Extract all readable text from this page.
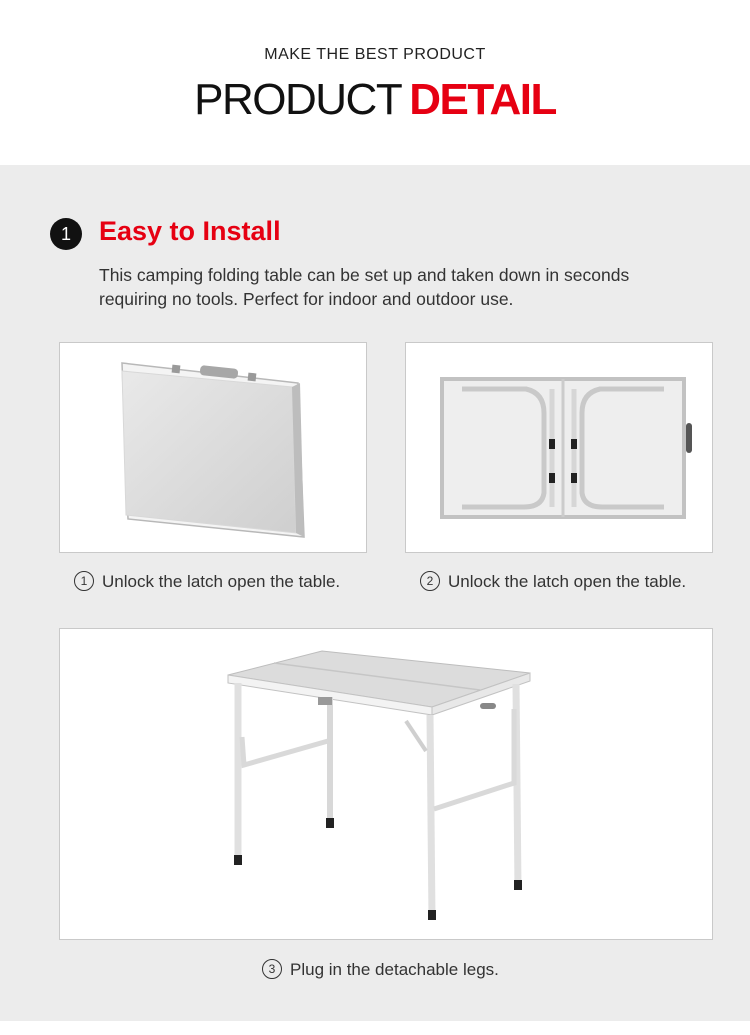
MAKE THE BEST PRODUCT
PRODUCT DETAIL
1	Easy to Install
This camping folding table can be set up and taken down in seconds requiring no tools. Perfect for indoor and outdoor use.
1 Unlock the latch open the table.	2 Unlock the latch open the table.
3 Plug in the detachable legs.
